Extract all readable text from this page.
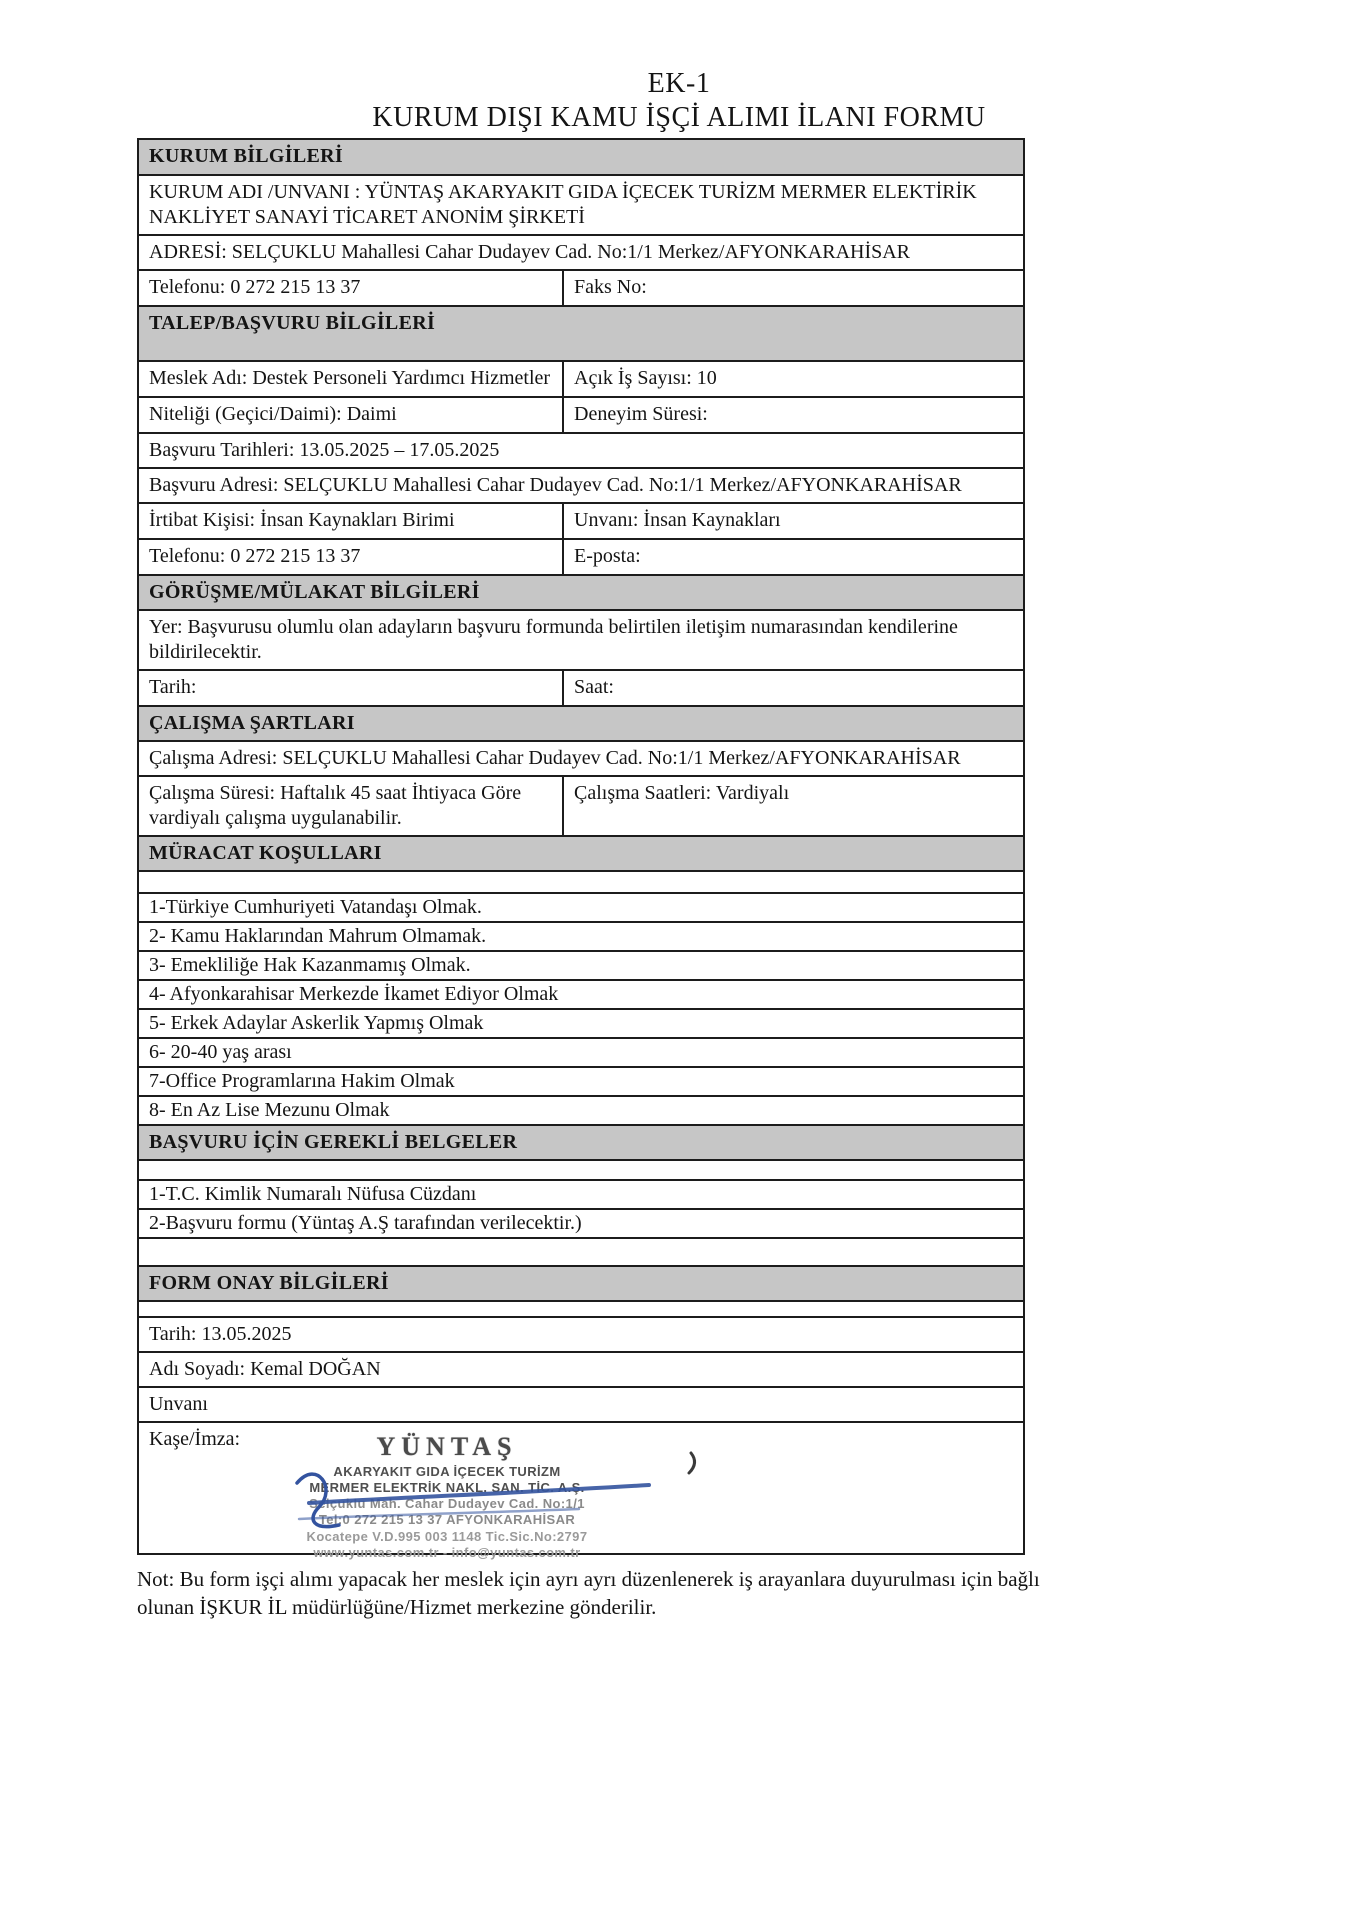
EK-1
KURUM DIŞI KAMU İŞÇİ ALIMI İLANI FORMU
KURUM BİLGİLERİ
KURUM ADI /UNVANI : YÜNTAŞ AKARYAKIT GIDA İÇECEK TURİZM MERMER ELEKTİRİK NAKLİYET SANAYİ TİCARET ANONİM ŞİRKETİ
ADRESİ: SELÇUKLU Mahallesi Cahar Dudayev Cad. No:1/1 Merkez/AFYONKARAHİSAR
Telefonu: 0 272 215 13 37	Faks No:
TALEP/BAŞVURU BİLGİLERİ
Meslek Adı: Destek Personeli Yardımcı Hizmetler	Açık İş Sayısı: 10
Niteliği (Geçici/Daimi): Daimi	Deneyim Süresi:
Başvuru Tarihleri: 13.05.2025 – 17.05.2025
Başvuru Adresi: SELÇUKLU Mahallesi Cahar Dudayev Cad. No:1/1 Merkez/AFYONKARAHİSAR
İrtibat Kişisi: İnsan Kaynakları Birimi	Unvanı: İnsan Kaynakları
Telefonu: 0 272 215 13 37	E-posta:
GÖRÜŞME/MÜLAKAT BİLGİLERİ
Yer: Başvurusu olumlu olan adayların başvuru formunda belirtilen iletişim numarasından kendilerine bildirilecektir.
Tarih:	Saat:
ÇALIŞMA ŞARTLARI
Çalışma Adresi: SELÇUKLU Mahallesi Cahar Dudayev Cad. No:1/1 Merkez/AFYONKARAHİSAR
Çalışma Süresi: Haftalık 45 saat İhtiyaca Göre vardiyalı çalışma uygulanabilir.
Çalışma Saatleri: Vardiyalı
MÜRACAT KOŞULLARI
1-Türkiye Cumhuriyeti Vatandaşı Olmak.
2- Kamu Haklarından Mahrum Olmamak.
3- Emekliliğe Hak Kazanmamış Olmak.
4- Afyonkarahisar Merkezde İkamet Ediyor Olmak
5- Erkek Adaylar Askerlik Yapmış Olmak
6- 20-40 yaş arası
7-Office Programlarına Hakim Olmak
8- En Az Lise Mezunu Olmak
BAŞVURU İÇİN GEREKLİ BELGELER
1-T.C. Kimlik Numaralı Nüfusa Cüzdanı
2-Başvuru formu (Yüntaş A.Ş tarafından verilecektir.)
FORM ONAY BİLGİLERİ
Tarih: 13.05.2025
Adı Soyadı: Kemal DOĞAN
Unvanı
Kaşe/İmza:	YÜNTAŞ
AKARYAKIT GIDA İÇECEK TURİZM
MERMER ELEKTRİK NAKL. SAN. TİC. A.Ş.
Selçuklu Mah. Cahar Dudayev Cad. No:1/1
Tel:0 272 215 13 37 AFYONKARAHİSAR
Kocatepe V.D.995 003 1148 Tic.Sic.No:2797
www.yuntas.com.tr - info@yuntas.com.tr
Not: Bu form işçi alımı yapacak her meslek için ayrı ayrı düzenlenerek iş arayanlara duyurulması için bağlı olunan İŞKUR İL müdürlüğüne/Hizmet merkezine gönderilir.
